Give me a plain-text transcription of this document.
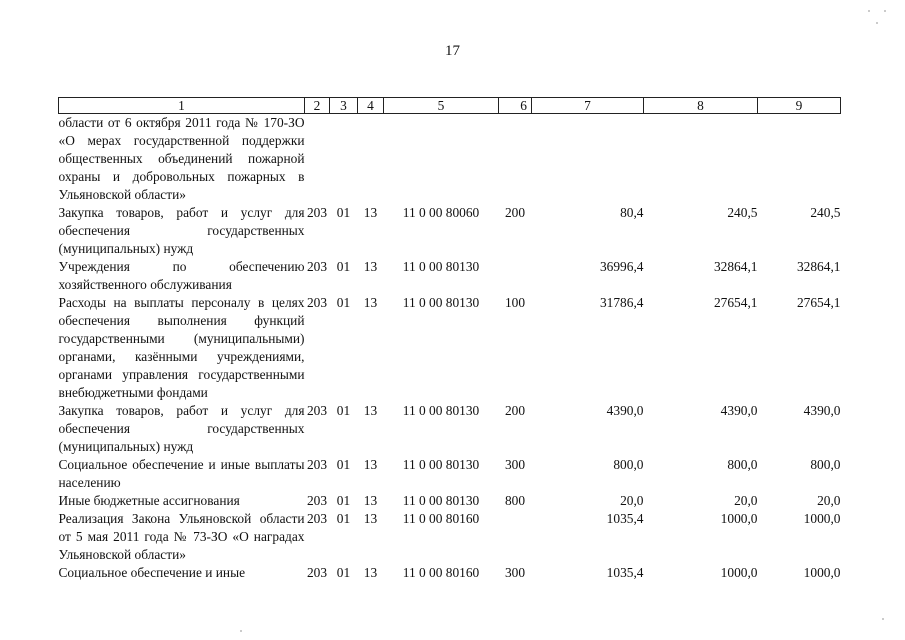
17
1	2	3	4	5	6	7	8	9
области от 6 октября 2011 года № 170-ЗО «О мерах государственной поддержки общественных объединений пожарной охраны и добровольных пожарных в Ульяновской области»								
Закупка товаров, работ и услуг для обеспечения государственных (муниципальных) нужд	203	01	13	11 0 00 80060	200	80,4	240,5	240,5
Учреждения по обеспечению хозяйственного обслуживания	203	01	13	11 0 00 80130		36996,4	32864,1	32864,1
Расходы на выплаты персоналу в целях обеспечения выполнения функций государственными (муниципальными) органами, казёнными учреждениями, органами управления государственными внебюджетными фондами	203	01	13	11 0 00 80130	100	31786,4	27654,1	27654,1
Закупка товаров, работ и услуг для обеспечения государственных (муниципальных) нужд	203	01	13	11 0 00 80130	200	4390,0	4390,0	4390,0
Социальное обеспечение и иные выплаты населению	203	01	13	11 0 00 80130	300	800,0	800,0	800,0
Иные бюджетные ассигнования	203	01	13	11 0 00 80130	800	20,0	20,0	20,0
Реализация Закона Ульяновской области от 5 мая 2011 года № 73-ЗО «О наградах Ульяновской области»	203	01	13	11 0 00 80160		1035,4	1000,0	1000,0
Социальное обеспечение и иные	203	01	13	11 0 00 80160	300	1035,4	1000,0	1000,0
